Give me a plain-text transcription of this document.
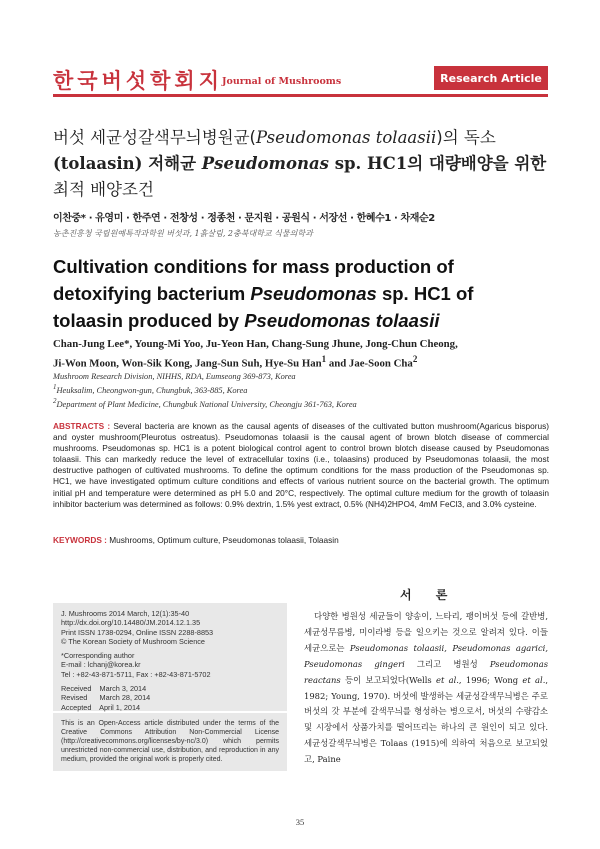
한국버섯학회지
Journal of Mushrooms	Research Article
버섯 세균성갈색무늬병원균(Pseudomonas tolaasii)의 독소
(tolaasin) 저해균 Pseudomonas sp. HC1의 대량배양을 위한
최적 배양조건
이찬중* · 유영미 · 한주연 · 전창성 · 정종천 · 문지원 · 공원식 · 서장선 · 한혜수1 · 차재순2
농촌진흥청 국립원예특작과학원 버섯과, 1흙살림, 2충북대학교 식물의학과
Cultivation conditions for mass production of detoxifying bacterium Pseudomonas sp. HC1 of tolaasin produced by Pseudomonas tolaasii
Chan-Jung Lee*, Young-Mi Yoo, Ju-Yeon Han, Chang-Sung Jhune, Jong-Chun Cheong,
Ji-Won Moon, Won-Sik Kong, Jang-Sun Suh, Hye-Su Han$^1$ and Jae-Soon Cha$^2$
Mushroom Research Division, NIHHS, RDA, Eumseong 369-873, Korea
$^1$Heuksalim, Cheongwon-gun, Chungbuk, 363-885, Korea
$^2$Department of Plant Medicine, Chungbuk National University, Cheongju 361-763, Korea
ABSTRACTS : Several bacteria are known as the causal agents of diseases of the cultivated button mushroom(Agaricus bisporus) and oyster mushroom(Pleurotus ostreatus). Pseudomonas tolaasii is the causal agent of brown blotch disease of commercial mushrooms. Pseudomonas sp. HC1 is a potent biological control agent to control brown blotch disease caused by Pseudomonas tolaasii. This can markedly reduce the level of extracellular toxins (i.e., tolaasins) produced by Pseudomonas tolaasii, the most destructive pathogen of cultivated mushrooms. To define the optimum conditions for the mass production of the Pseudomonas sp. HC1, we have investigated optimum culture conditions and effects of various nutrient source on the bacterial growth. The optimum initial pH and temperature were determined as pH 5.0 and 20°C, respectively. The optimal culture medium for the growth of tolaasin inhibitor bacterium was determined as follows: 0.9% dextrin, 1.5% yest extract, 0.5% (NH4)2HPO4, 4mM FeCl3, and 3.0% cysteine.
KEYWORDS : Mushrooms, Optimum culture, Pseudomonas tolaasii, Tolaasin
J. Mushrooms 2014 March, 12(1):35-40
http://dx.doi.org/10.14480/JM.2014.12.1.35
Print ISSN 1738-0294, Online ISSN 2288-8853
© The Korean Society of Mushroom Science
*Corresponding author
E-mail : lchanj@korea.kr
Tel : +82-43-871-5711, Fax : +82-43-871-5702
Received    March 3, 2014
Revised      March 28, 2014
Accepted    April 1, 2014
This is an Open-Access article distributed under the terms of the Creative Commons Attribution Non-Commercial License (http://creativecommons.org/licenses/by-nc/3.0) which permits unrestricted non-commercial use, distribution, and reproduction in any medium, provided the original work is properly cited.
서 론
다양한 병원성 세균들이 양송이, 느타리, 팽이버섯 등에 갈반병, 세균성무름병, 미이라병 등을 일으키는 것으로 알려져 있다. 이들 세균으로는 Pseudomonas tolaasii, Pseudomonas agarici, Pseudomonas gingeri 그리고 병원성 Pseudomonas reactans 등이 보고되었다(Wells et al., 1996; Wong et al., 1982; Young, 1970). 버섯에 발생하는 세균성갈색무늬병은 주로 버섯의 갓 부분에 갈색무늬를 형성하는 병으로서, 버섯의 수량감소 및 시장에서 상품가치를 떨어뜨리는 하나의 큰 원인이 되고 있다. 세균성갈색무늬병은 Tolaas (1915)에 의하여 처음으로 보고되었고, Paine
35
